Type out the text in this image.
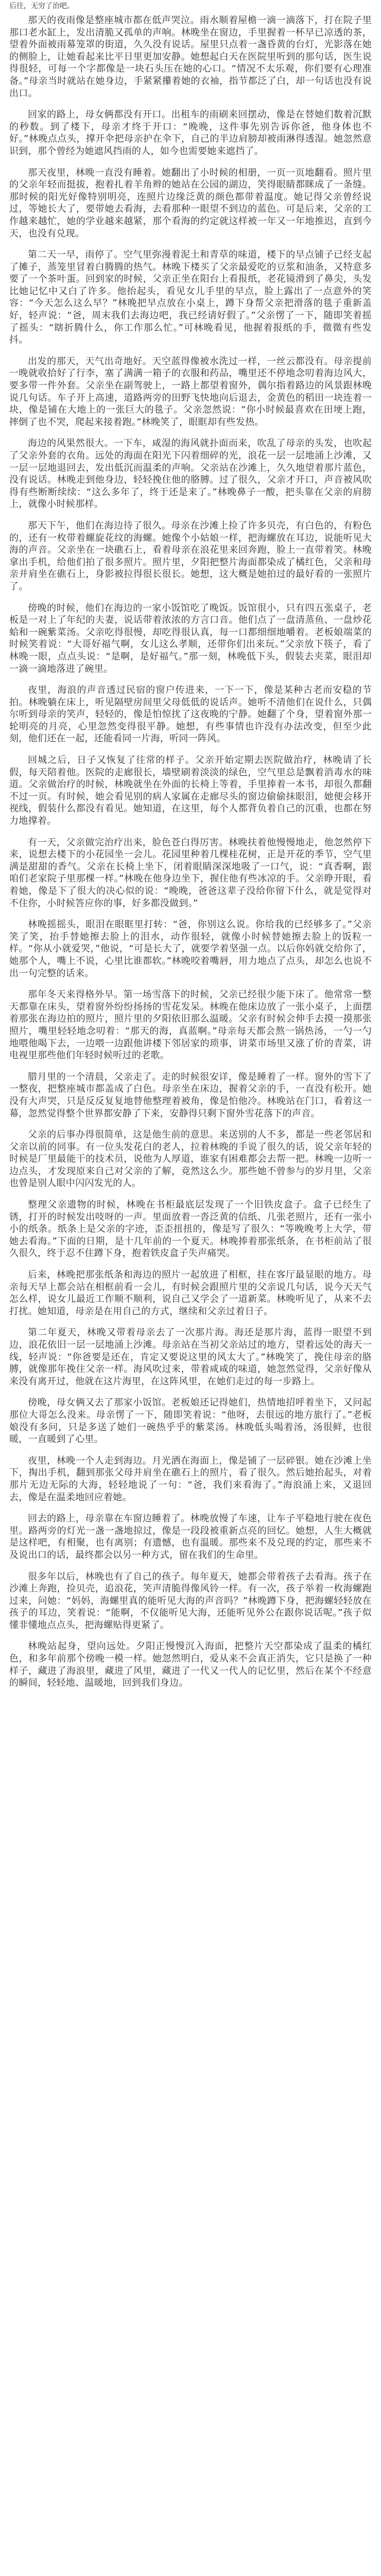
后往，无穷了治吧。

那天的夜雨像是整座城市都在低声哭泣。雨水顺着屋檐一滴一滴落下，打在院子里那口老水缸上，发出清脆又孤单的声响。林晚坐在窗边，手里握着一杯早已凉透的茶，望着外面被雨幕笼罩的街道，久久没有说话。屋里只点着一盏昏黄的台灯，光影落在她的侧脸上，让她看起来比平日里更加安静。她想起白天在医院里听到的那句话，医生说得很轻，可每一个字都像是一块石头压在她的心口。“情况不太乐观，你们要有心理准备。”母亲当时就站在她身边，手紧紧攥着她的衣袖，指节都泛了白，却一句话也没有说出口。

回家的路上，母女俩都没有开口。出租车的雨刷来回摆动，像是在替她们数着沉默的秒数。到了楼下，母亲才终于开口：“晚晚，这件事先别告诉你爸，他身体也不好。”林晚点点头，撑开伞把母亲护在伞下，自己的半边肩膀却被雨淋得透湿。她忽然意识到，那个曾经为她遮风挡雨的人，如今也需要她来遮挡了。

那天夜里，林晚一直没有睡着。她翻出了小时候的相册，一页一页地翻看。照片里的父亲年轻而挺拔，抱着扎着羊角辫的她站在公园的湖边，笑得眼睛都眯成了一条缝。那时候的阳光好像特别明亮，连照片边缘泛黄的颜色都带着温度。她记得父亲曾经说过，等她长大了，要带她去看海，去看那种一眼望不到边的蓝色。可是后来，父亲的工作越来越忙，她的学业越来越紧，那个看海的约定就这样被一年又一年地推迟，直到今天，也没有兑现。

第二天一早，雨停了。空气里弥漫着泥土和青草的味道，楼下的早点铺子已经支起了摊子，蒸笼里冒着白腾腾的热气。林晚下楼买了父亲最爱吃的豆浆和油条，又特意多要了一个茶叶蛋。回到家的时候，父亲正坐在阳台上看报纸，老花镜滑到了鼻尖，头发比她记忆中又白了许多。他抬起头，看见女儿手里的早点，脸上露出了一点意外的笑容：“今天怎么这么早？”林晚把早点放在小桌上，蹲下身帮父亲把滑落的毯子重新盖好，轻声说：“爸，周末我们去海边吧，我已经请好假了。”父亲愣了一下，随即笑着摇了摇头：“瞎折腾什么，你工作那么忙。”可林晚看见，他握着报纸的手，微微有些发抖。

出发的那天，天气出奇地好。天空蓝得像被水洗过一样，一丝云都没有。母亲提前一晚就收拾好了行李，塞了满满一箱子的衣服和药品，嘴里还不停地念叨着海边风大，要多带一件外套。父亲坐在副驾驶上，一路上都望着窗外，偶尔指着路边的风景跟林晚说几句话。车子开上高速，道路两旁的田野飞快地向后退去，金黄色的稻田一块连着一块，像是铺在大地上的一张巨大的毯子。父亲忽然说：“你小时候最喜欢在田埂上跑，摔倒了也不哭，爬起来接着跑。”林晚笑了，眼眶却有些发热。

海边的风果然很大。一下车，咸湿的海风就扑面而来，吹乱了母亲的头发，也吹起了父亲外套的衣角。远处的海面在阳光下闪着细碎的光，浪花一层一层地涌上沙滩，又一层一层地退回去，发出低沉而温柔的声响。父亲站在沙滩上，久久地望着那片蓝色，没有说话。林晚走到他身边，轻轻挽住他的胳膊。过了很久，父亲才开口，声音被风吹得有些断断续续：“这么多年了，终于还是来了。”林晚鼻子一酸，把头靠在父亲的肩膀上，就像小时候那样。

那天下午，他们在海边待了很久。母亲在沙滩上捡了许多贝壳，有白色的，有粉色的，还有一枚带着螺旋花纹的海螺。她像个小姑娘一样，把海螺放在耳边，说能听见大海的声音。父亲坐在一块礁石上，看着母亲在浪花里来回奔跑，脸上一直带着笑。林晚拿出手机，给他们拍了很多照片。照片里，夕阳把整片海面都染成了橘红色，父亲和母亲并肩坐在礁石上，身影被拉得很长很长。她想，这大概是她拍过的最好看的一张照片了。

傍晚的时候，他们在海边的一家小饭馆吃了晚饭。饭馆很小，只有四五张桌子，老板是一对上了年纪的夫妻，说话带着浓浓的方言口音。他们点了一盘清蒸鱼、一盘炒花蛤和一碗紫菜汤。父亲吃得很慢，却吃得很认真，每一口都细细地嚼着。老板娘端菜的时候笑着说：“大哥好福气啊，女儿这么孝顺，还带你们出来玩。”父亲放下筷子，看了林晚一眼，点点头说：“是啊，是好福气。”那一刻，林晚低下头，假装去夹菜，眼泪却一滴一滴地落进了碗里。

夜里，海浪的声音透过民宿的窗户传进来，一下一下，像是某种古老而安稳的节拍。林晚躺在床上，听见隔壁房间里父母低低的说话声。她听不清他们在说什么，只偶尔听到母亲的笑声，轻轻的，像是怕惊扰了这夜晚的宁静。她翻了个身，望着窗外那一轮明亮的月亮，心里忽然变得很平静。她想，有些事情也许没有办法改变，但至少此刻，他们还在一起，还能看同一片海，听同一阵风。

回城之后，日子又恢复了往常的样子。父亲开始定期去医院做治疗，林晚请了长假，每天陪着他。医院的走廊很长，墙壁刷着淡淡的绿色，空气里总是飘着消毒水的味道。父亲做治疗的时候，林晚就坐在外面的长椅上等着，手里捧着一本书，却很久都翻不过一页。有时候，她会看见别的病人家属在走廊尽头的窗边偷偷抹眼泪，她便会移开视线，假装什么都没有看见。她知道，在这里，每个人都背负着自己的沉重，也都在努力地撑着。

有一天，父亲做完治疗出来，脸色苍白得厉害。林晚扶着他慢慢地走，他忽然停下来，说想去楼下的小花园坐一会儿。花园里种着几棵桂花树，正是开花的季节，空气里满是甜甜的香气。父亲在长椅上坐下，闭着眼睛深深地吸了一口气，说：“真香啊，跟咱们老家院子里那棵一样。”林晚在他身边坐下，握住他有些冰凉的手。父亲睁开眼，看着她，像是下了很大的决心似的说：“晚晚，爸爸这辈子没给你留下什么，就是觉得对不住你，小时候答应你的事，好多都没做到。”

林晚摇摇头，眼泪在眼眶里打转：“爸，你别这么说。你给我的已经够多了。”父亲笑了笑，抬手替她擦去脸上的泪水，动作很轻，就像小时候替她擦去脸上的饭粒一样。“你从小就爱哭，”他说，“可是长大了，就要学着坚强一点。以后你妈就交给你了，她那个人，嘴上不说，心里比谁都软。”林晚咬着嘴唇，用力地点了点头，却怎么也说不出一句完整的话来。

那年冬天来得格外早。第一场雪落下的时候，父亲已经很少能下床了。他常常一整天都靠在床头，望着窗外纷纷扬扬的雪花发呆。林晚在他床边放了一张小桌子，上面摆着那张在海边拍的照片，照片里的夕阳依旧那么温暖。父亲有时候会伸手去摸一摸那张照片，嘴里轻轻地念叨着：“那天的海，真蓝啊。”母亲每天都会熬一锅热汤，一勺一勺地喂他喝下去，一边喂一边跟他讲楼下邻居家的琐事，讲菜市场里又涨了价的青菜，讲电视里那些他们年轻时候听过的老歌。

腊月里的一个清晨，父亲走了。走的时候很安详，像是睡着了一样。窗外的雪下了一整夜，把整座城市都盖成了白色。母亲坐在床边，握着父亲的手，一直没有松开。她没有大声哭，只是反反复复地替他整理着被角，像是怕他冷。林晚站在门口，看着这一幕，忽然觉得整个世界都安静了下来，安静得只剩下窗外雪花落下的声音。

父亲的后事办得很简单，这是他生前的意思。来送别的人不多，都是一些老邻居和父亲以前的同事。有一位头发花白的老人，拉着林晚的手说了很久的话，说父亲年轻的时候是厂里最能干的技术员，说他为人厚道，谁家有困难都会去帮一把。林晚一边听一边点头，才发现原来自己对父亲的了解，竟然这么少。那些她不曾参与的岁月里，父亲也曾是别人眼中闪闪发光的人。

整理父亲遗物的时候，林晚在书柜最底层发现了一个旧铁皮盒子。盒子已经生了锈，打开的时候发出吱呀的一声。里面放着一沓泛黄的信纸、几张老照片，还有一张小小的纸条。纸条上是父亲的字迹，歪歪扭扭的，像是写了很久：“等晚晚考上大学，带她去看海。”下面的日期，是十几年前的一个夏天。林晚捧着那张纸条，在书柜前站了很久很久，终于忍不住蹲下身，抱着铁皮盒子失声痛哭。

后来，林晚把那张纸条和海边的照片一起放进了相框，挂在客厅最显眼的地方。母亲每天早上都会站在相框前看一会儿，有时候会跟照片里的父亲说几句话，说今天天气怎么样，说女儿最近工作顺不顺利，说自己又学会了一道新菜。林晚听见了，从来不去打扰。她知道，母亲是在用自己的方式，继续和父亲过着日子。

第二年夏天，林晚又带着母亲去了一次那片海。海还是那片海，蓝得一眼望不到边，浪花依旧一层一层地涌上沙滩。母亲站在当初父亲站过的地方，望着远处的海天一线，轻声说：“你爸要是还在，肯定又要说这里的风太大了。”林晚笑了，挽住母亲的胳膊，就像那年挽住父亲一样。海风吹过来，带着咸咸的味道，她忽然觉得，父亲好像从来没有离开过，他就在这片海里，在这阵风里，在她们走过的每一步路上。

傍晚，母女俩又去了那家小饭馆。老板娘还记得她们，热情地招呼着坐下，又问起那位大哥怎么没来。母亲愣了一下，随即笑着说：“他呀，去很远的地方旅行了。”老板娘没有多问，只是多送了她们一碗热乎乎的紫菜汤。林晚低头喝着汤，汤很鲜，也很暖，一直暖到了心里。

夜里，林晚一个人走到海边。月光洒在海面上，像是铺了一层碎银。她在沙滩上坐下，掏出手机，翻到那张父母并肩坐在礁石上的照片，看了很久。然后她抬起头，对着那片无边无际的大海，轻轻地说了一句：“爸，我们来看海了。”海浪涌上来，又退回去，像是在温柔地回应着她。

回去的路上，母亲靠在车窗边睡着了。林晚放慢了车速，让车子平稳地行驶在夜色里。路两旁的灯光一盏一盏地掠过，像是一段段被重新点亮的回忆。她想，人生大概就是这样吧，有相聚，也有离别；有遗憾，也有温暖。那些来不及兑现的约定，那些来不及说出口的话，最终都会以另一种方式，留在我们的生命里。

很多年以后，林晚也有了自己的孩子。每年夏天，她都会带着孩子去看海。孩子在沙滩上奔跑，捡贝壳，追浪花，笑声清脆得像风铃一样。有一次，孩子举着一枚海螺跑过来，问她：“妈妈，海螺里真的能听见大海的声音吗？”林晚蹲下身，把海螺轻轻放在孩子的耳边，笑着说：“能啊，不仅能听见大海，还能听见外公在跟你说话呢。”孩子似懂非懂地点点头，把海螺贴得更紧了。

林晚站起身，望向远处。夕阳正慢慢沉入海面，把整片天空都染成了温柔的橘红色，和多年前那个傍晚一模一样。她忽然明白，爱从来不会真正消失，它只是换了一种样子，藏进了海浪里，藏进了风里，藏进了一代又一代人的记忆里，然后在某个不经意的瞬间，轻轻地、温暖地，回到我们身边。
